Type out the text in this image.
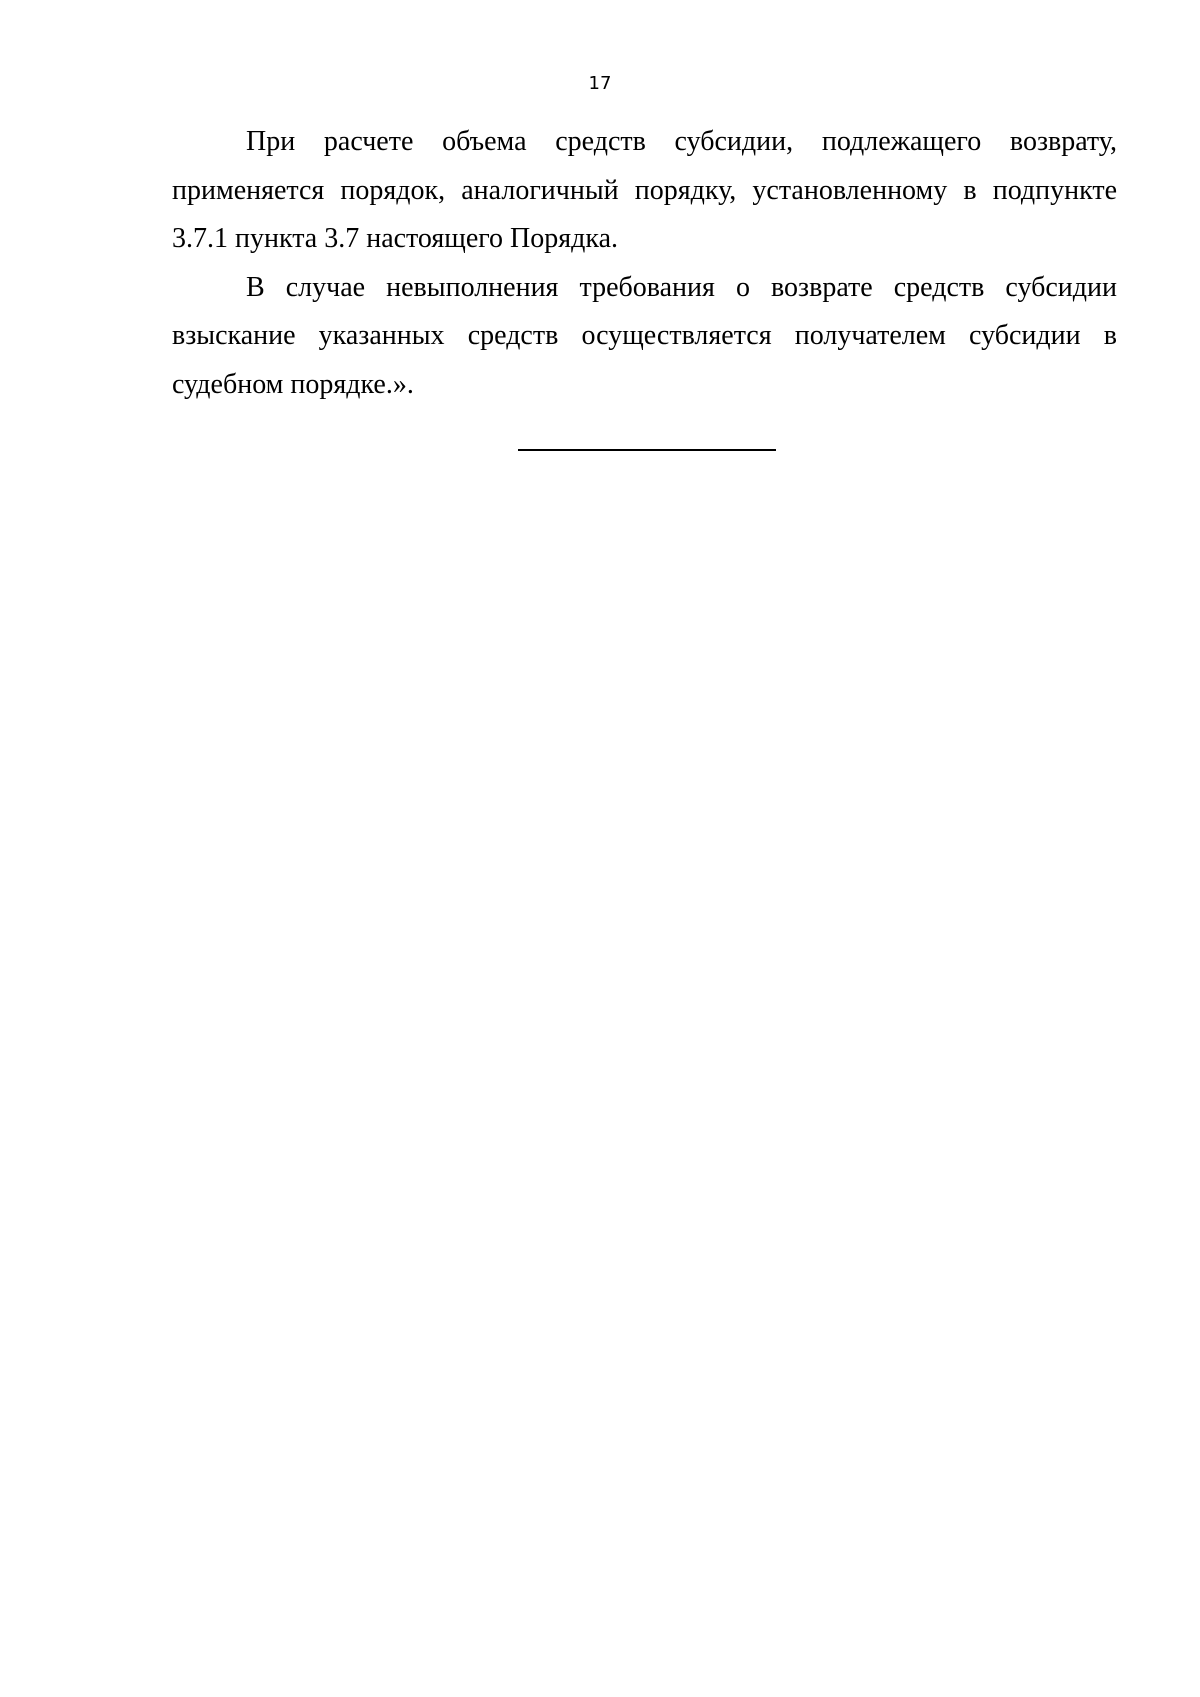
17

При расчете объема средств субсидии, подлежащего возврату, применяется порядок, аналогичный порядку, установленному в подпункте 3.7.1 пункта 3.7 настоящего Порядка.

В случае невыполнения требования о возврате средств субсидии взыскание указанных средств осуществляется получателем субсидии в судебном порядке.».
